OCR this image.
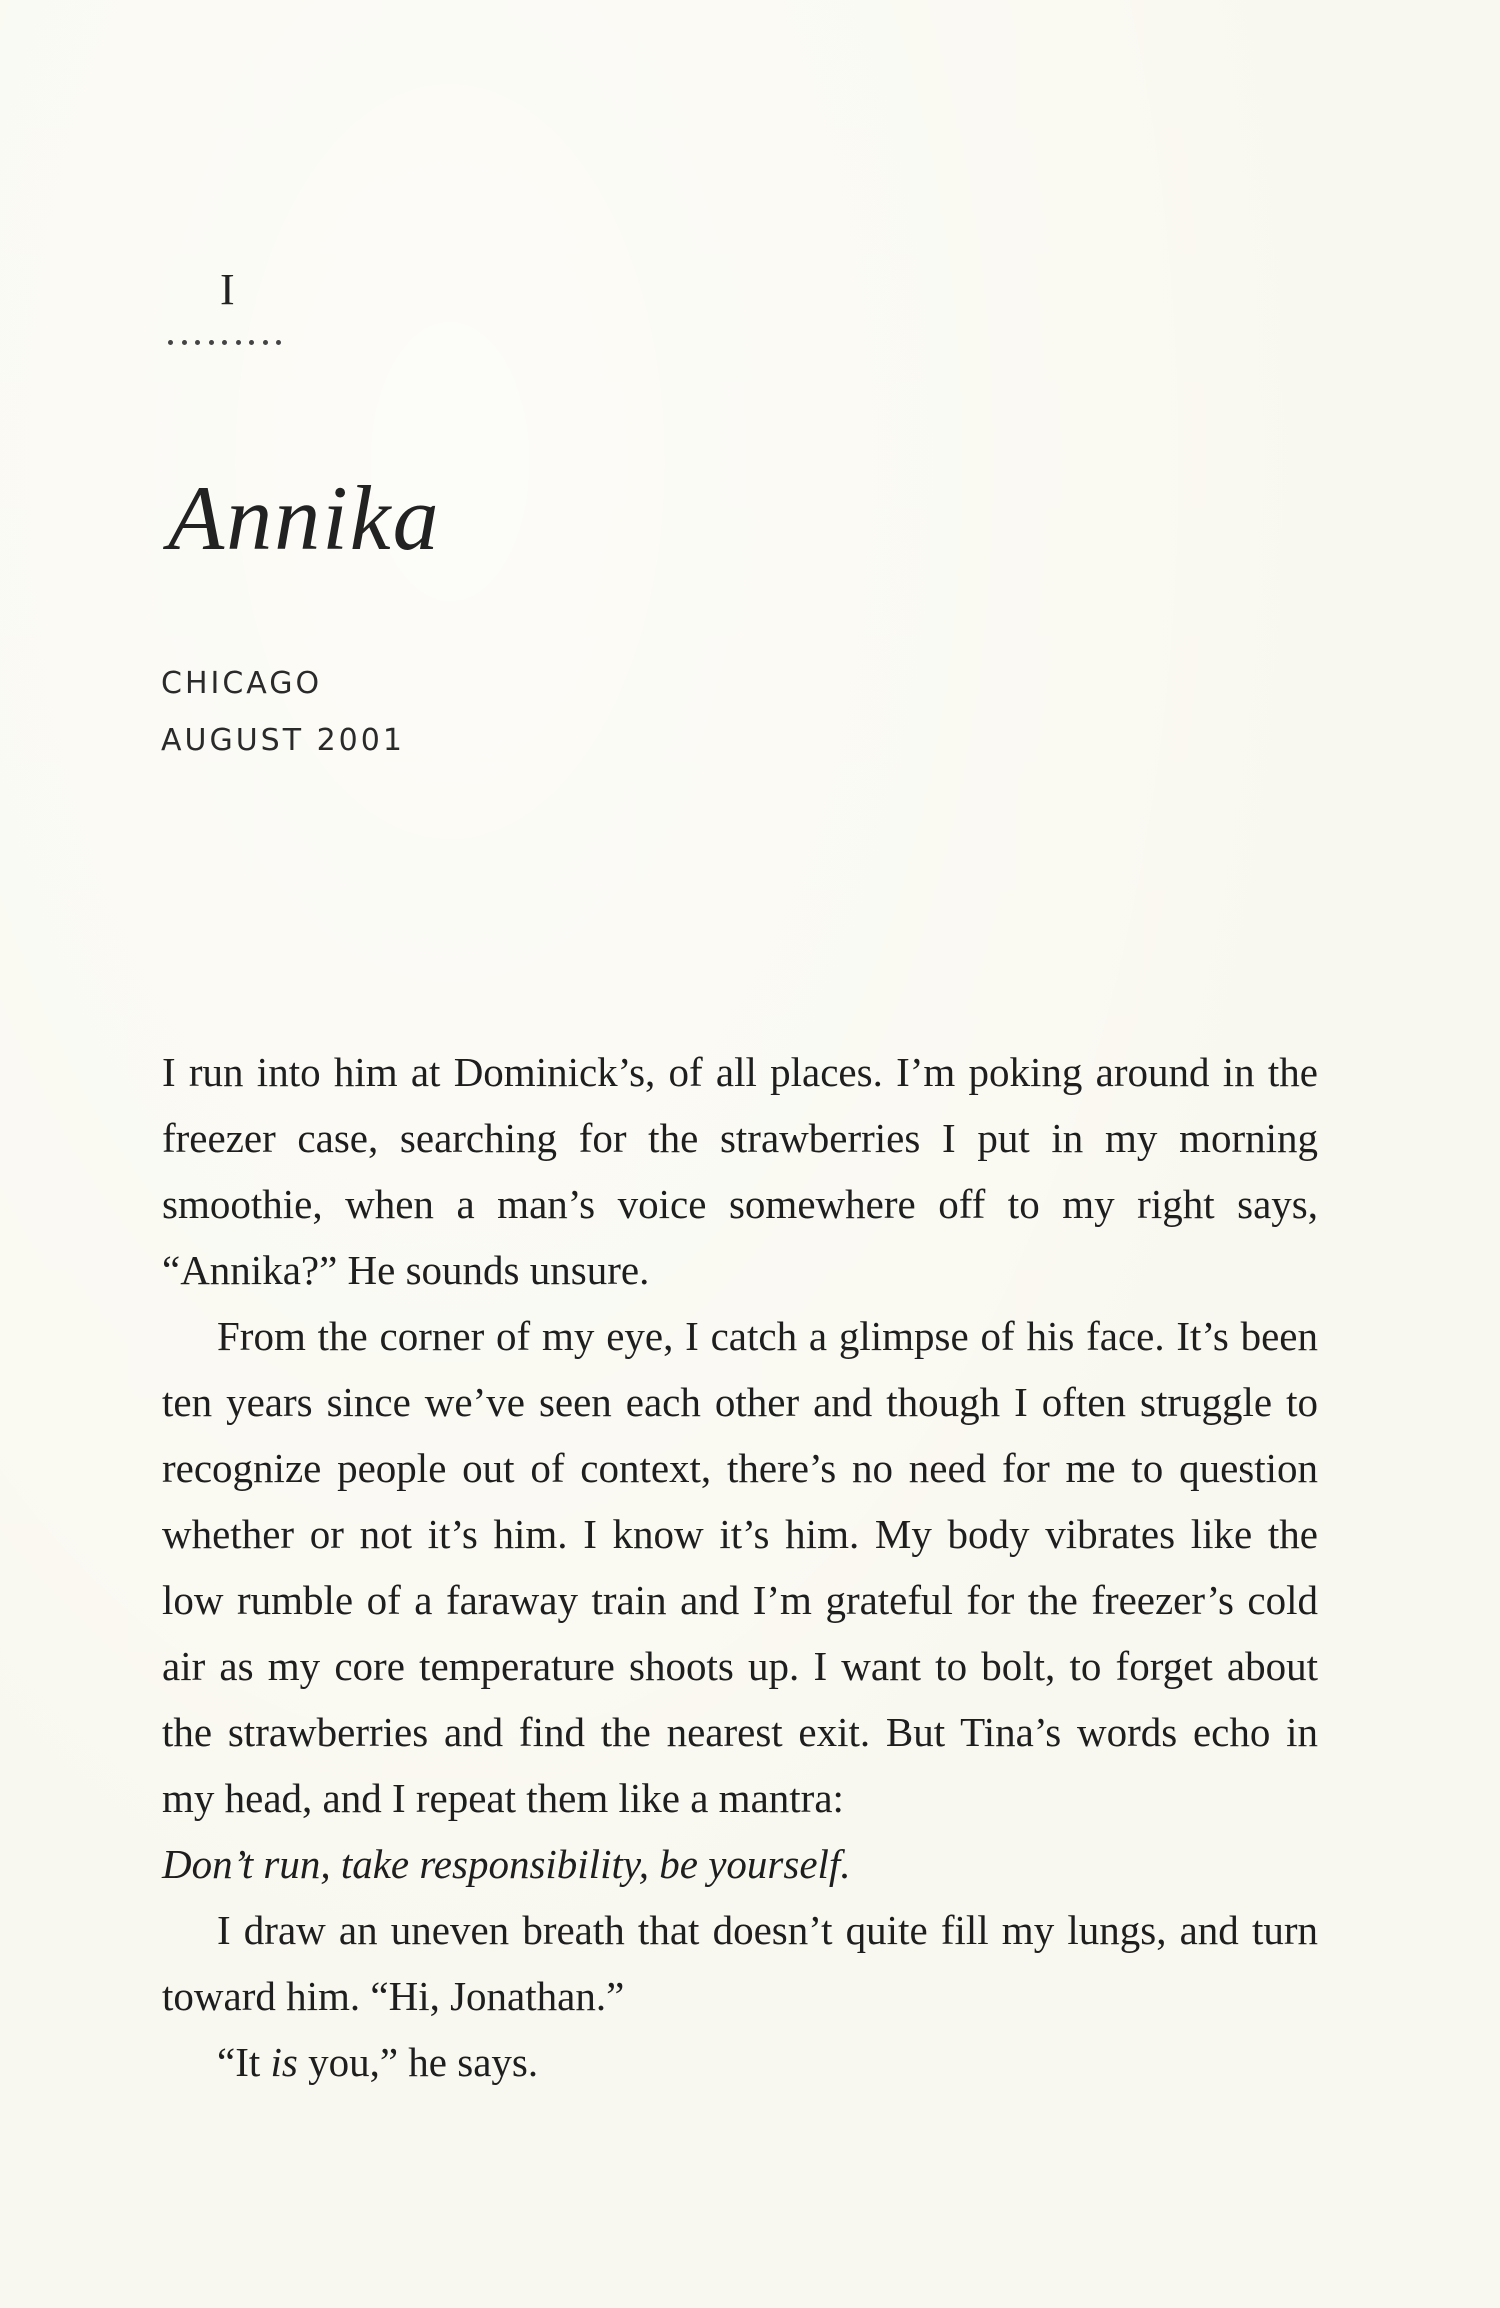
I
Annika
CHICAGO
AUGUST 2001

I run into him at Dominick’s, of all places. I’m poking around in the freezer case, searching for the strawberries I put in my morning smoothie, when a man’s voice somewhere off to my right says, “Annika?” He sounds unsure.

From the corner of my eye, I catch a glimpse of his face. It’s been ten years since we’ve seen each other and though I often struggle to recognize people out of context, there’s no need for me to question whether or not it’s him. I know it’s him. My body vibrates like the low rumble of a faraway train and I’m grateful for the freezer’s cold air as my core temperature shoots up. I want to bolt, to forget about the strawberries and find the nearest exit. But Tina’s words echo in my head, and I repeat them like a mantra:
Don’t run, take responsibility, be yourself.

I draw an uneven breath that doesn’t quite fill my lungs, and turn toward him. “Hi, Jonathan.”

“It is you,” he says.
